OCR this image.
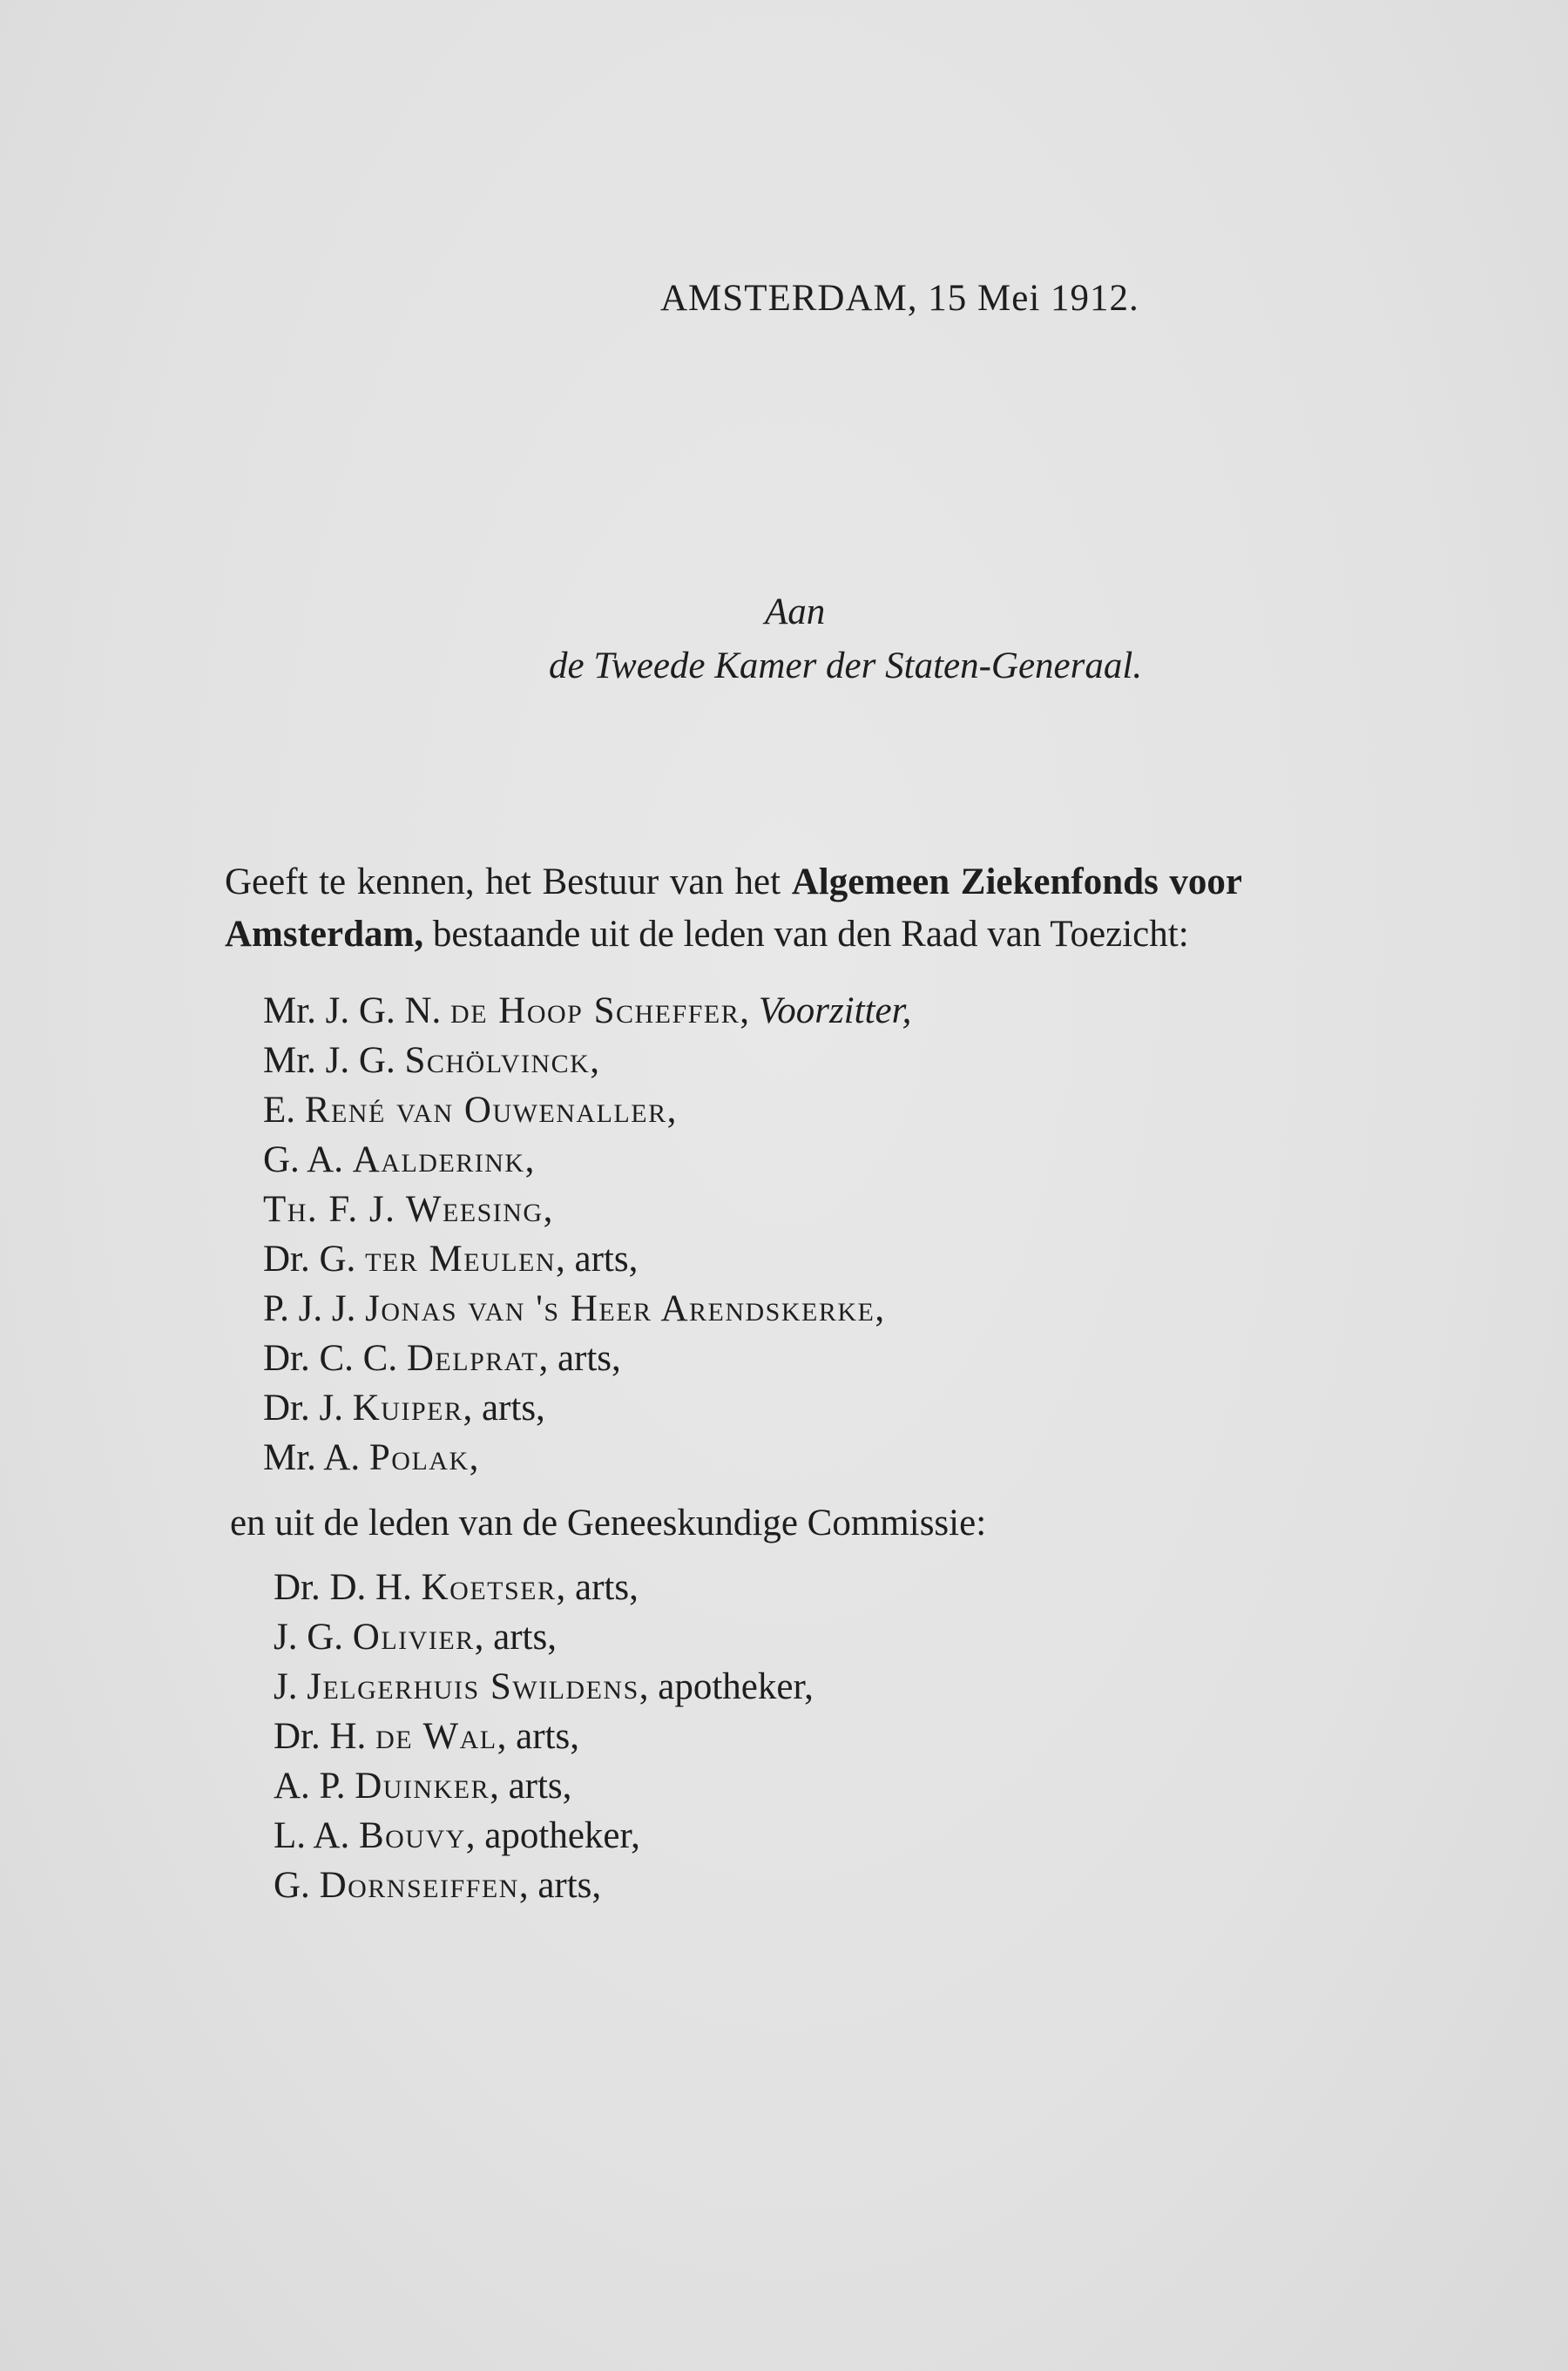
AMSTERDAM, 15 Mei 1912.
Aan
de Tweede Kamer der Staten-Generaal.

Geeft te kennen, het Bestuur van het Algemeen Ziekenfonds voor Amsterdam, bestaande uit de leden van den Raad van Toezicht:

Mr. J. G. N. de Hoop Scheffer, Voorzitter,
Mr. J. G. Schölvinck,
E. René van Ouwenaller,
G. A. Aalderink,
Th. F. J. Weesing,
Dr. G. ter Meulen, arts,
P. J. J. Jonas van 's Heer Arendskerke,
Dr. C. C. Delprat, arts,
Dr. J. Kuiper, arts,
Mr. A. Polak,
en uit de leden van de Geneeskundige Commissie:
Dr. D. H. Koetser, arts,
J. G. Olivier, arts,
J. Jelgerhuis Swildens, apotheker,
Dr. H. de Wal, arts,
A. P. Duinker, arts,
L. A. Bouvy, apotheker,
G. Dornseiffen, arts,
